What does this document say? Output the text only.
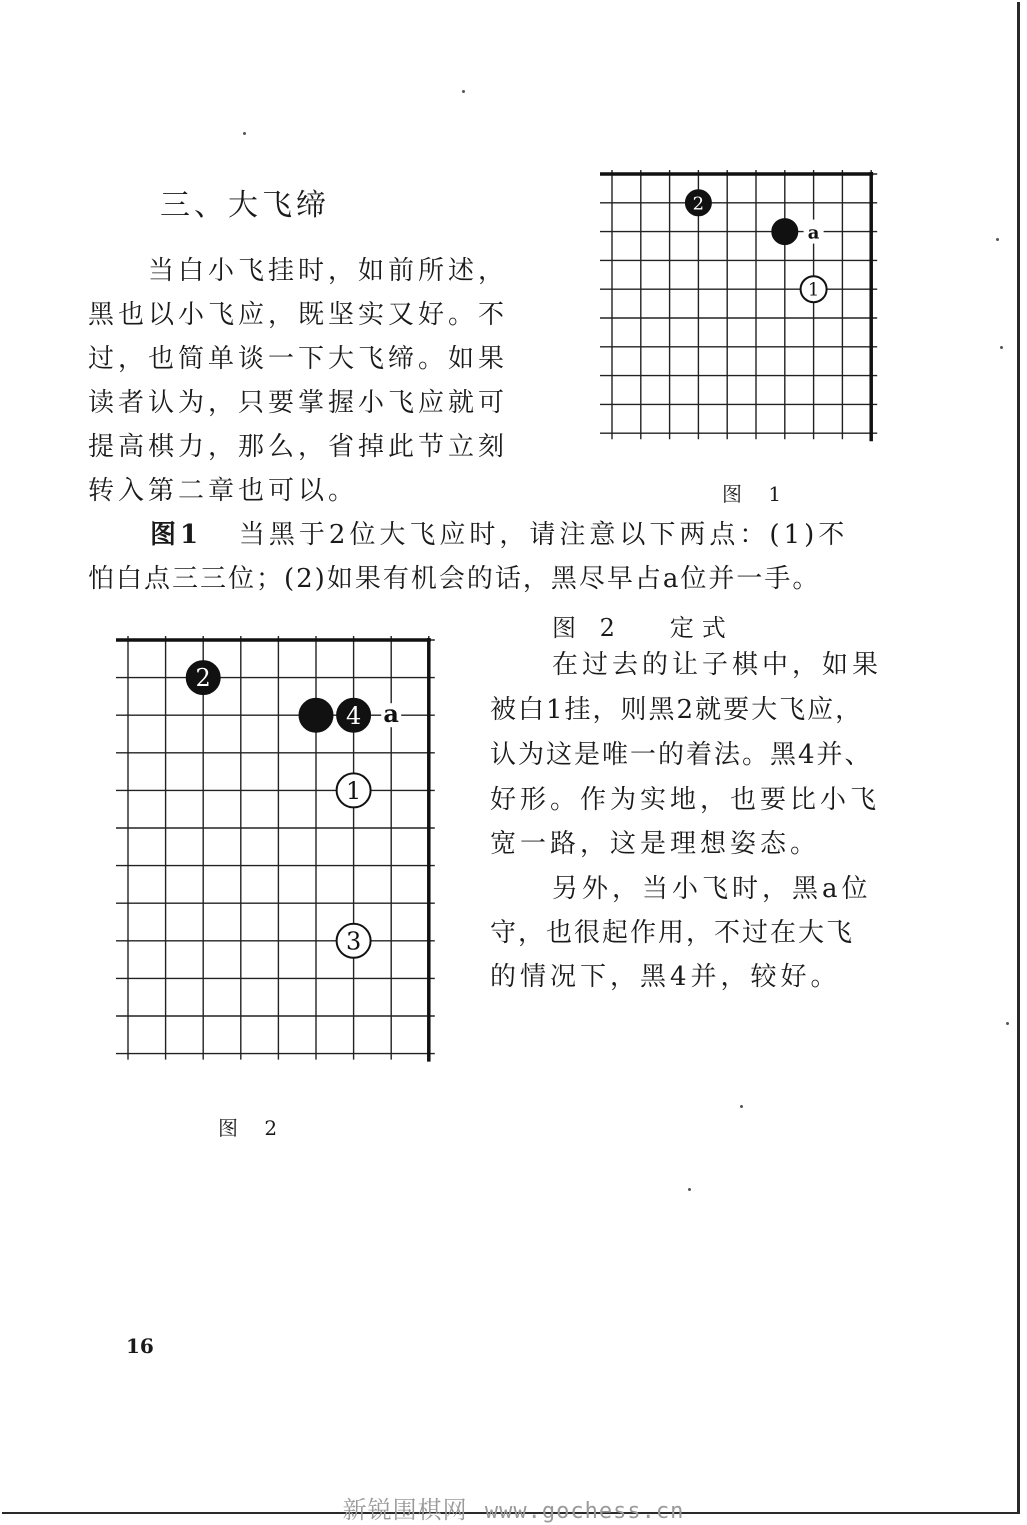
三、大飞缔

当白小飞挂时，如前所述，

黑也以小飞应，既坚实又好。不

过，也简单谈一下大飞缔。如果

读者认为，只要掌握小飞应就可

提高棋力，那么，省掉此节立刻

转入第二章也可以。

a
2
1

图 1

图1 当黑于2位大飞应时，请注意以下两点：(1)不

怕白点三三位；(2)如果有机会的话，黑尽早占a位并一手。

图 2 定式

a
2
4
1
3

图 2

在过去的让子棋中，如果

被白1挂，则黑2就要大飞应，

认为这是唯一的着法。黑4并、

好形。作为实地，也要比小飞

宽一路，这是理想姿态。

另外，当小飞时，黑a位

守，也很起作用，不过在大飞

的情况下，黑4并，较好。

16

新锐围棋网 www.gochess.cn
